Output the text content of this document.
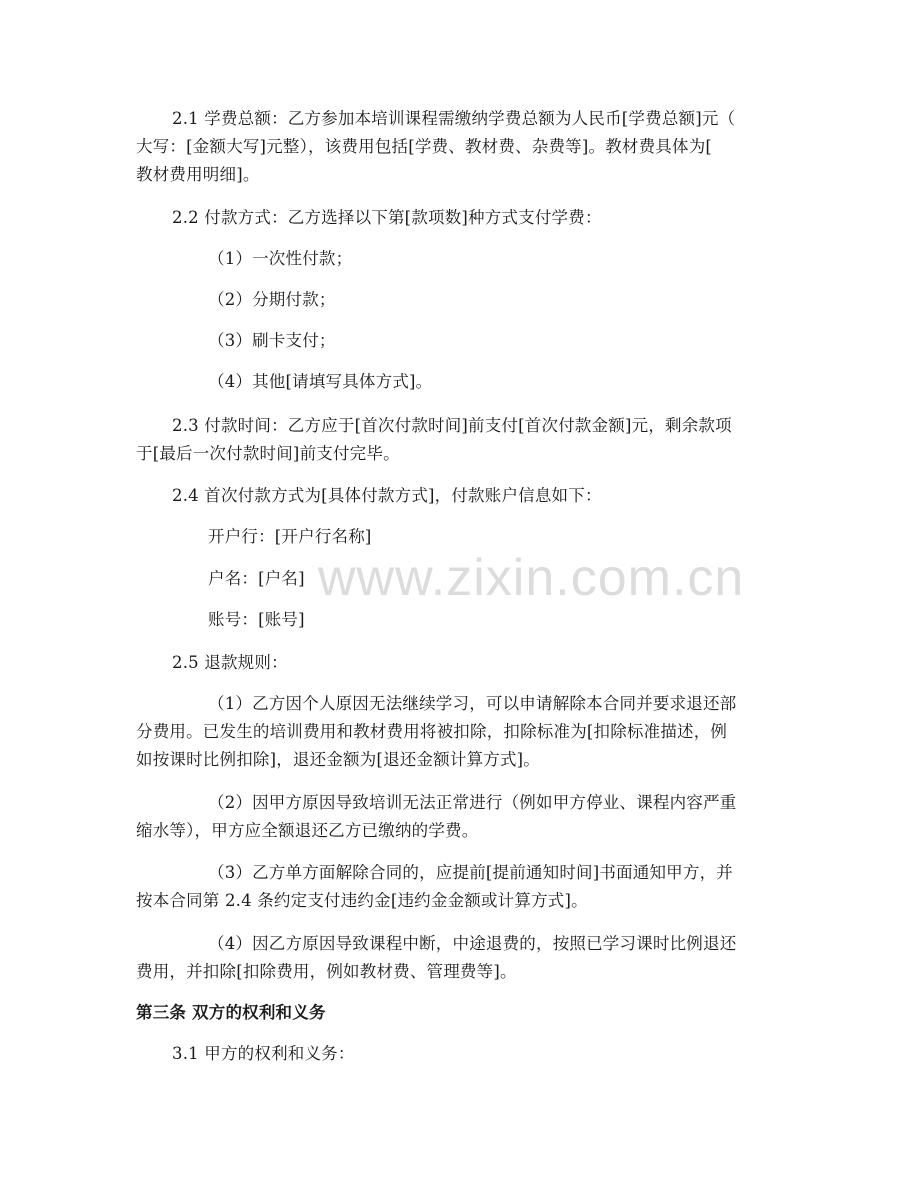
www.zixin.com.cn
2.1 学费总额：乙方参加本培训课程需缴纳学费总额为人民币[学费总额]元（
大写：[金额大写]元整），该费用包括[学费、教材费、杂费等]。教材费具体为[
教材费用明细]。
2.2 付款方式：乙方选择以下第[款项数]种方式支付学费：
（1）一次性付款；
（2）分期付款；
（3）刷卡支付；
（4）其他[请填写具体方式]。
2.3 付款时间：乙方应于[首次付款时间]前支付[首次付款金额]元，剩余款项
于[最后一次付款时间]前支付完毕。
2.4 首次付款方式为[具体付款方式]，付款账户信息如下：
开户行：[开户行名称]
户名：[户名]
账号：[账号]
2.5 退款规则：
（1）乙方因个人原因无法继续学习，可以申请解除本合同并要求退还部
分费用。已发生的培训费用和教材费用将被扣除，扣除标准为[扣除标准描述，例
如按课时比例扣除]，退还金额为[退还金额计算方式]。
（2）因甲方原因导致培训无法正常进行（例如甲方停业、课程内容严重
缩水等），甲方应全额退还乙方已缴纳的学费。
（3）乙方单方面解除合同的，应提前[提前通知时间]书面通知甲方，并
按本合同第 2.4 条约定支付违约金[违约金金额或计算方式]。
（4）因乙方原因导致课程中断，中途退费的，按照已学习课时比例退还
费用，并扣除[扣除费用，例如教材费、管理费等]。
第三条 双方的权利和义务
3.1 甲方的权利和义务：
